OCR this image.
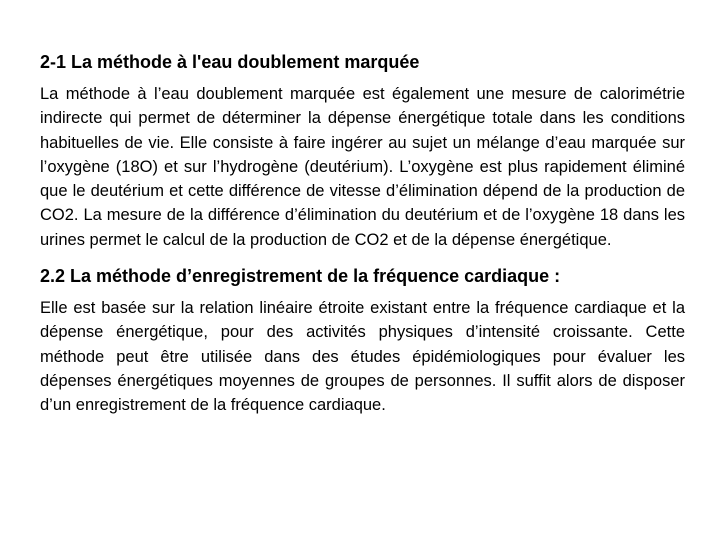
2-1 La méthode à l'eau doublement marquée

La méthode à l’eau doublement marquée est également une mesure de calorimétrie indirecte qui permet de déterminer la dépense énergétique totale dans les conditions habituelles de vie. Elle consiste à faire ingérer au sujet un mélange d’eau marquée sur l’oxygène (18O) et sur l’hydrogène (deutérium). L’oxygène est plus rapidement éliminé que le deutérium et cette différence de vitesse d’élimination dépend de la production de CO2. La mesure de la différence d’élimination du deutérium et de l’oxygène 18 dans les urines permet le calcul de la production de CO2 et de la dépense énergétique.

2.2 La méthode d’enregistrement de la fréquence cardiaque :

Elle est basée sur la relation linéaire étroite existant entre la fréquence cardiaque et la dépense énergétique, pour des activités physiques d’intensité croissante. Cette méthode peut être utilisée dans des études épidémiologiques pour évaluer les dépenses énergétiques moyennes de groupes de personnes. Il suffit alors de disposer d’un enregistrement de la fréquence cardiaque.
